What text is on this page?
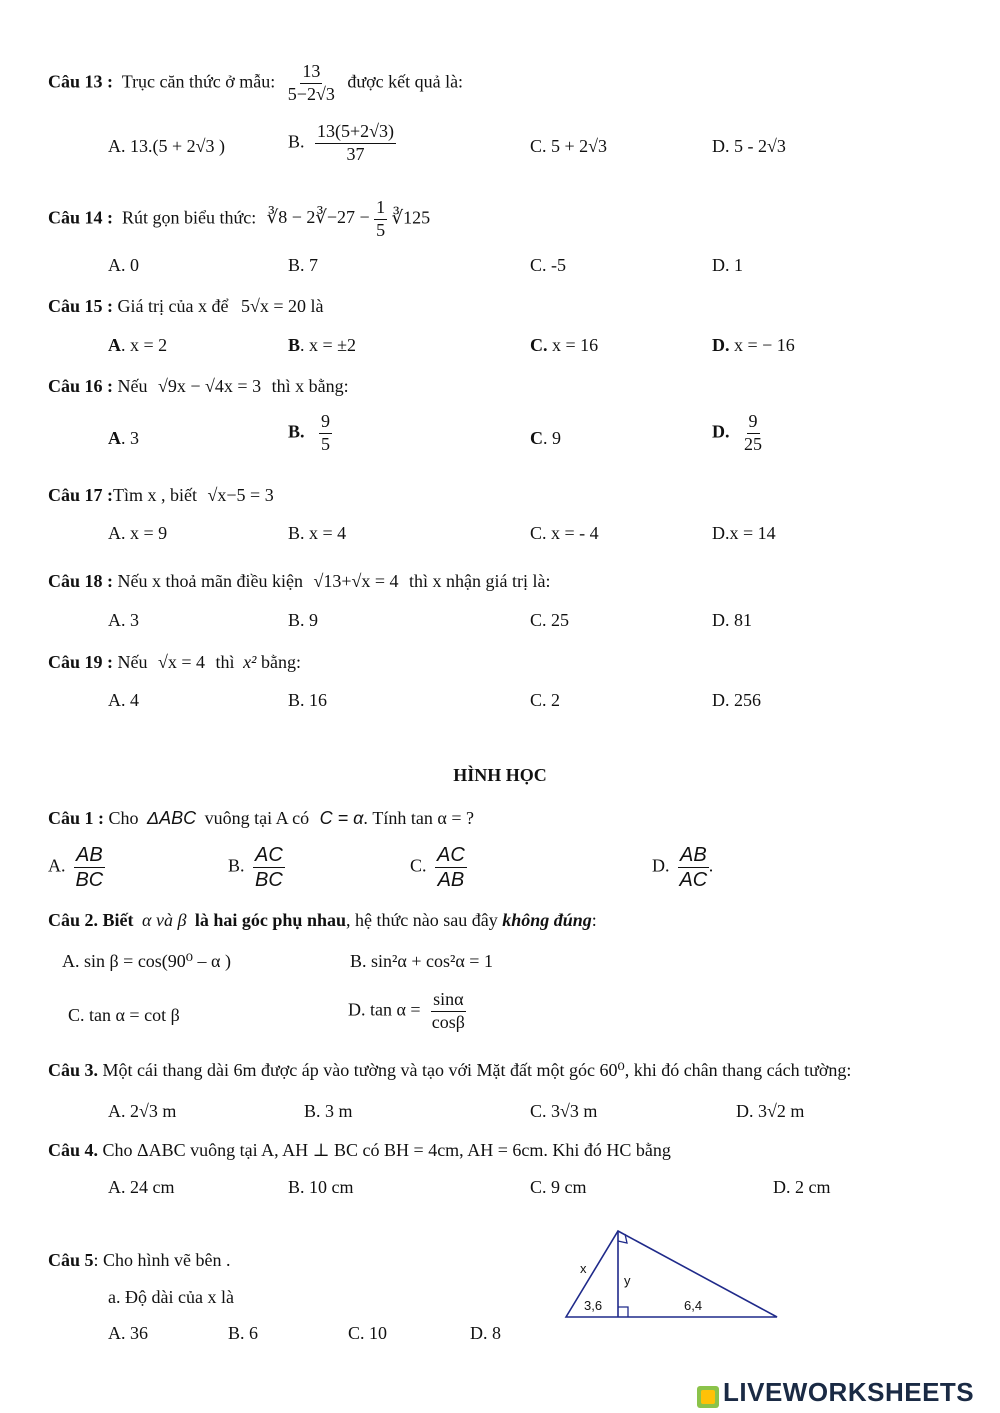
Câu 13 : Trục căn thức ở mẫu: $\frac{13}{5-2√3}$ được kết quả là:
A. 13.(5 + 2√3 )	B. $\frac{13(5+2√3)}{37}$	C. 5 + 2√3	D. 5 - 2√3
Câu 14 : Rút gọn biểu thức: ∛8 − 2∛−27 − $\frac{1}{5}$ ∛125
A. 0	B. 7	C. -5	D. 1
Câu 15 : Giá trị của x để 5√x = 20 là
A. x = 2	B. x = ±2	C. x = 16	D. x = − 16
Câu 16 : Nếu √9x − √4x = 3 thì x bằng:
A. 3	B. $\frac{9}{5}$	C. 9	D. $\frac{9}{25}$
Câu 17 :Tìm x , biết √x−5 = 3
A. x = 9	B. x = 4	C. x = - 4	D.x = 14
Câu 18 : Nếu x thoả mãn điều kiện √13+√x = 4 thì x nhận giá trị là:
A. 3	B. 9	C. 25	D. 81
Câu 19 : Nếu √x = 4 thì x² bằng:
A. 4	B. 16	C. 2	D. 256
HÌNH HỌC
Câu 1 : Cho ΔABC vuông tại A có C = α. Tính tan α = ?
A. $\frac{AB}{BC}$	B. $\frac{AC}{BC}$	C. $\frac{AC}{AB}$	D. $\frac{AB}{AC}$ .
Câu 2. Biết α và β là hai góc phụ nhau, hệ thức nào sau đây không đúng:
A. sin β = cos(90⁰ – α )	B. sin²α + cos²α = 1
C. tan α = cot β	D. $\tan \alpha = \frac{\sin\alpha}{\cos\beta}$
Câu 3. Một cái thang dài 6m được áp vào tường và tạo với Mặt đất một góc 60⁰, khi đó chân thang cách tường:
A. 2√3 m	B. 3 m	C. 3√3 m	D. 3√2 m
Câu 4. Cho ΔABC vuông tại A, AH ⊥ BC có BH = 4cm, AH = 6cm. Khi đó HC bằng
A. 24 cm	B. 10 cm	C. 9 cm	D. 2 cm
Câu 5: Cho hình vẽ bên .
a. Độ dài của x là
A. 36	B. 6	C. 10	D. 8
x
y
3,6	6,4
LIVEWORKSHEETS
